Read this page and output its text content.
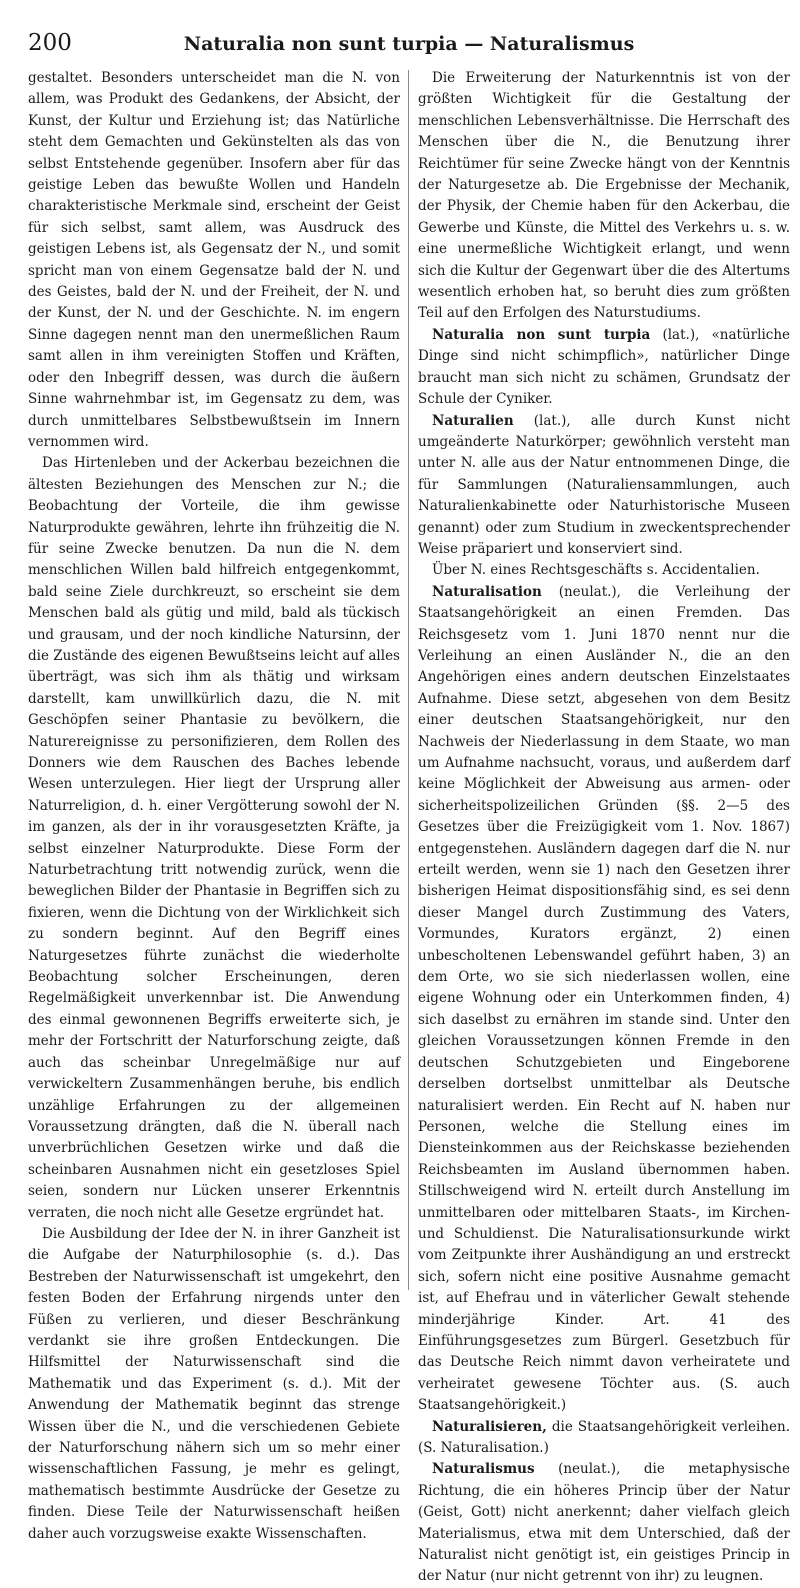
200	Naturalia non sunt turpia — Naturalismus

gestaltet. Besonders unterscheidet man die N. von allem, was Produkt des Gedankens, der Absicht, der Kunst, der Kultur und Erziehung ist; das Natürliche steht dem Gemachten und Gekünstelten als das von selbst Entstehende gegenüber. Insofern aber für das geistige Leben das bewußte Wollen und Handeln charakteristische Merkmale sind, erscheint der Geist für sich selbst, samt allem, was Ausdruck des geistigen Lebens ist, als Gegensatz der N., und somit spricht man von einem Gegensatze bald der N. und des Geistes, bald der N. und der Freiheit, der N. und der Kunst, der N. und der Geschichte. N. im engern Sinne dagegen nennt man den unermeßlichen Raum samt allen in ihm vereinigten Stoffen und Kräften, oder den Inbegriff dessen, was durch die äußern Sinne wahrnehmbar ist, im Gegensatz zu dem, was durch unmittelbares Selbstbewußtsein im Innern vernommen wird.

Das Hirtenleben und der Ackerbau bezeichnen die ältesten Beziehungen des Menschen zur N.; die Beobachtung der Vorteile, die ihm gewisse Naturprodukte gewähren, lehrte ihn frühzeitig die N. für seine Zwecke benutzen. Da nun die N. dem menschlichen Willen bald hilfreich entgegenkommt, bald seine Ziele durchkreuzt, so erscheint sie dem Menschen bald als gütig und mild, bald als tückisch und grausam, und der noch kindliche Natursinn, der die Zustände des eigenen Bewußtseins leicht auf alles überträgt, was sich ihm als thätig und wirksam darstellt, kam unwillkürlich dazu, die N. mit Geschöpfen seiner Phantasie zu bevölkern, die Naturereignisse zu personifizieren, dem Rollen des Donners wie dem Rauschen des Baches lebende Wesen unterzulegen. Hier liegt der Ursprung aller Naturreligion, d. h. einer Vergötterung sowohl der N. im ganzen, als der in ihr vorausgesetzten Kräfte, ja selbst einzelner Naturprodukte. Diese Form der Naturbetrachtung tritt notwendig zurück, wenn die beweglichen Bilder der Phantasie in Begriffen sich zu fixieren, wenn die Dichtung von der Wirklichkeit sich zu sondern beginnt. Auf den Begriff eines Naturgesetzes führte zunächst die wiederholte Beobachtung solcher Erscheinungen, deren Regelmäßigkeit unverkennbar ist. Die Anwendung des einmal gewonnenen Begriffs erweiterte sich, je mehr der Fortschritt der Naturforschung zeigte, daß auch das scheinbar Unregelmäßige nur auf verwickeltern Zusammenhängen beruhe, bis endlich unzählige Erfahrungen zu der allgemeinen Voraussetzung drängten, daß die N. überall nach unverbrüchlichen Gesetzen wirke und daß die scheinbaren Ausnahmen nicht ein gesetzloses Spiel seien, sondern nur Lücken unserer Erkenntnis verraten, die noch nicht alle Gesetze ergründet hat.

Die Ausbildung der Idee der N. in ihrer Ganzheit ist die Aufgabe der Naturphilosophie (s. d.). Das Bestreben der Naturwissenschaft ist umgekehrt, den festen Boden der Erfahrung nirgends unter den Füßen zu verlieren, und dieser Beschränkung verdankt sie ihre großen Entdeckungen. Die Hilfsmittel der Naturwissenschaft sind die Mathematik und das Experiment (s. d.). Mit der Anwendung der Mathematik beginnt das strenge Wissen über die N., und die verschiedenen Gebiete der Naturforschung nähern sich um so mehr einer wissenschaftlichen Fassung, je mehr es gelingt, mathematisch bestimmte Ausdrücke der Gesetze zu finden. Diese Teile der Naturwissenschaft heißen daher auch vorzugsweise exakte Wissenschaften.

Die Erweiterung der Naturkenntnis ist von der größten Wichtigkeit für die Gestaltung der menschlichen Lebensverhältnisse. Die Herrschaft des Menschen über die N., die Benutzung ihrer Reichtümer für seine Zwecke hängt von der Kenntnis der Naturgesetze ab. Die Ergebnisse der Mechanik, der Physik, der Chemie haben für den Ackerbau, die Gewerbe und Künste, die Mittel des Verkehrs u. s. w. eine unermeßliche Wichtigkeit erlangt, und wenn sich die Kultur der Gegenwart über die des Altertums wesentlich erhoben hat, so beruht dies zum größten Teil auf den Erfolgen des Naturstudiums.

Naturalia non sunt turpia (lat.), «natürliche Dinge sind nicht schimpflich», natürlicher Dinge braucht man sich nicht zu schämen, Grundsatz der Schule der Cyniker.

Naturalien (lat.), alle durch Kunst nicht umgeänderte Naturkörper; gewöhnlich versteht man unter N. alle aus der Natur entnommenen Dinge, die für Sammlungen (Naturaliensammlungen, auch Naturalienkabinette oder Naturhistorische Museen genannt) oder zum Studium in zweckentsprechender Weise präpariert und konserviert sind.

Über N. eines Rechtsgeschäfts s. Accidentalien.

Naturalisation (neulat.), die Verleihung der Staatsangehörigkeit an einen Fremden. Das Reichsgesetz vom 1. Juni 1870 nennt nur die Verleihung an einen Ausländer N., die an den Angehörigen eines andern deutschen Einzelstaates Aufnahme. Diese setzt, abgesehen von dem Besitz einer deutschen Staatsangehörigkeit, nur den Nachweis der Niederlassung in dem Staate, wo man um Aufnahme nachsucht, voraus, und außerdem darf keine Möglichkeit der Abweisung aus armen- oder sicherheitspolizeilichen Gründen (§§. 2—5 des Gesetzes über die Freizügigkeit vom 1. Nov. 1867) entgegenstehen. Ausländern dagegen darf die N. nur erteilt werden, wenn sie 1) nach den Gesetzen ihrer bisherigen Heimat dispositionsfähig sind, es sei denn dieser Mangel durch Zustimmung des Vaters, Vormundes, Kurators ergänzt, 2) einen unbescholtenen Lebenswandel geführt haben, 3) an dem Orte, wo sie sich niederlassen wollen, eine eigene Wohnung oder ein Unterkommen finden, 4) sich daselbst zu ernähren im stande sind. Unter den gleichen Voraussetzungen können Fremde in den deutschen Schutzgebieten und Eingeborene derselben dortselbst unmittelbar als Deutsche naturalisiert werden. Ein Recht auf N. haben nur Personen, welche die Stellung eines im Diensteinkommen aus der Reichskasse beziehenden Reichsbeamten im Ausland übernommen haben. Stillschweigend wird N. erteilt durch Anstellung im unmittelbaren oder mittelbaren Staats-, im Kirchen- und Schuldienst. Die Naturalisationsurkunde wirkt vom Zeitpunkte ihrer Aushändigung an und erstreckt sich, sofern nicht eine positive Ausnahme gemacht ist, auf Ehefrau und in väterlicher Gewalt stehende minderjährige Kinder. Art. 41 des Einführungsgesetzes zum Bürgerl. Gesetzbuch für das Deutsche Reich nimmt davon verheiratete und verheiratet gewesene Töchter aus. (S. auch Staatsangehörigkeit.)

Naturalisieren, die Staatsangehörigkeit verleihen. (S. Naturalisation.)

Naturalismus (neulat.), die metaphysische Richtung, die ein höheres Princip über der Natur (Geist, Gott) nicht anerkennt; daher vielfach gleich Materialismus, etwa mit dem Unterschied, daß der Naturalist nicht genötigt ist, ein geistiges Princip in der Natur (nur nicht getrennt von ihr) zu leugnen.
